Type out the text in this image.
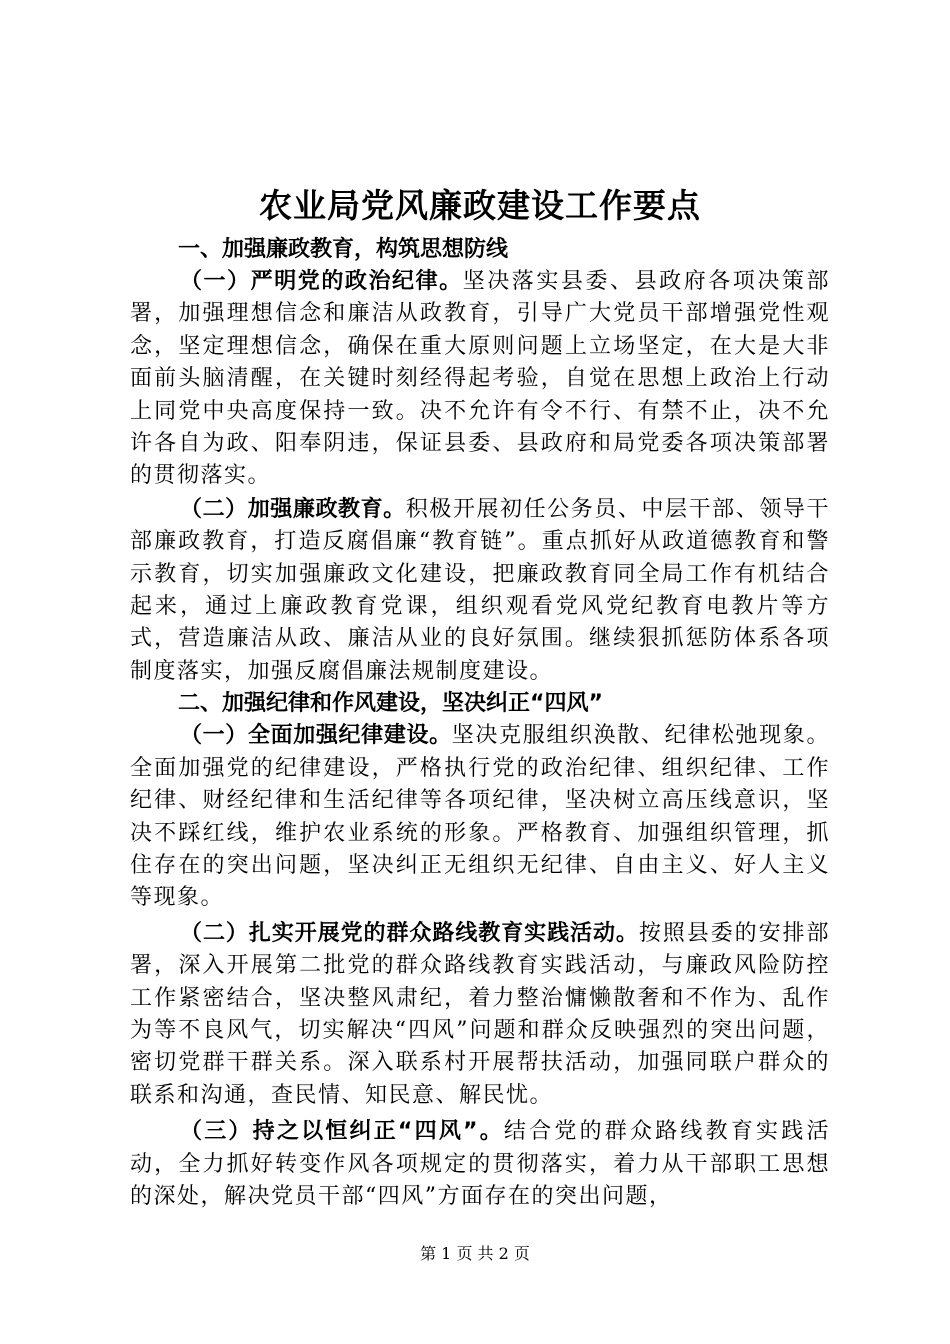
农业局党风廉政建设工作要点

一、加强廉政教育，构筑思想防线

（一）严明党的政治纪律。坚决落实县委、县政府各项决策部署，加强理想信念和廉洁从政教育，引导广大党员干部增强党性观念，坚定理想信念，确保在重大原则问题上立场坚定，在大是大非面前头脑清醒，在关键时刻经得起考验，自觉在思想上政治上行动上同党中央高度保持一致。决不允许有令不行、有禁不止，决不允许各自为政、阳奉阴违，保证县委、县政府和局党委各项决策部署的贯彻落实。

（二）加强廉政教育。积极开展初任公务员、中层干部、领导干部廉政教育，打造反腐倡廉“教育链”。重点抓好从政道德教育和警示教育，切实加强廉政文化建设，把廉政教育同全局工作有机结合起来，通过上廉政教育党课，组织观看党风党纪教育电教片等方式，营造廉洁从政、廉洁从业的良好氛围。继续狠抓惩防体系各项制度落实，加强反腐倡廉法规制度建设。

二、加强纪律和作风建设，坚决纠正“四风”

（一）全面加强纪律建设。坚决克服组织涣散、纪律松弛现象。全面加强党的纪律建设，严格执行党的政治纪律、组织纪律、工作纪律、财经纪律和生活纪律等各项纪律，坚决树立高压线意识，坚决不踩红线，维护农业系统的形象。严格教育、加强组织管理，抓住存在的突出问题，坚决纠正无组织无纪律、自由主义、好人主义等现象。

（二）扎实开展党的群众路线教育实践活动。按照县委的安排部署，深入开展第二批党的群众路线教育实践活动，与廉政风险防控工作紧密结合，坚决整风肃纪，着力整治慵懒散奢和不作为、乱作为等不良风气，切实解决“四风”问题和群众反映强烈的突出问题，密切党群干群关系。深入联系村开展帮扶活动，加强同联户群众的联系和沟通，查民情、知民意、解民忧。

（三）持之以恒纠正“四风”。结合党的群众路线教育实践活动，全力抓好转变作风各项规定的贯彻落实，着力从干部职工思想的深处，解决党员干部“四风”方面存在的突出问题，

第 1 页 共 2 页
